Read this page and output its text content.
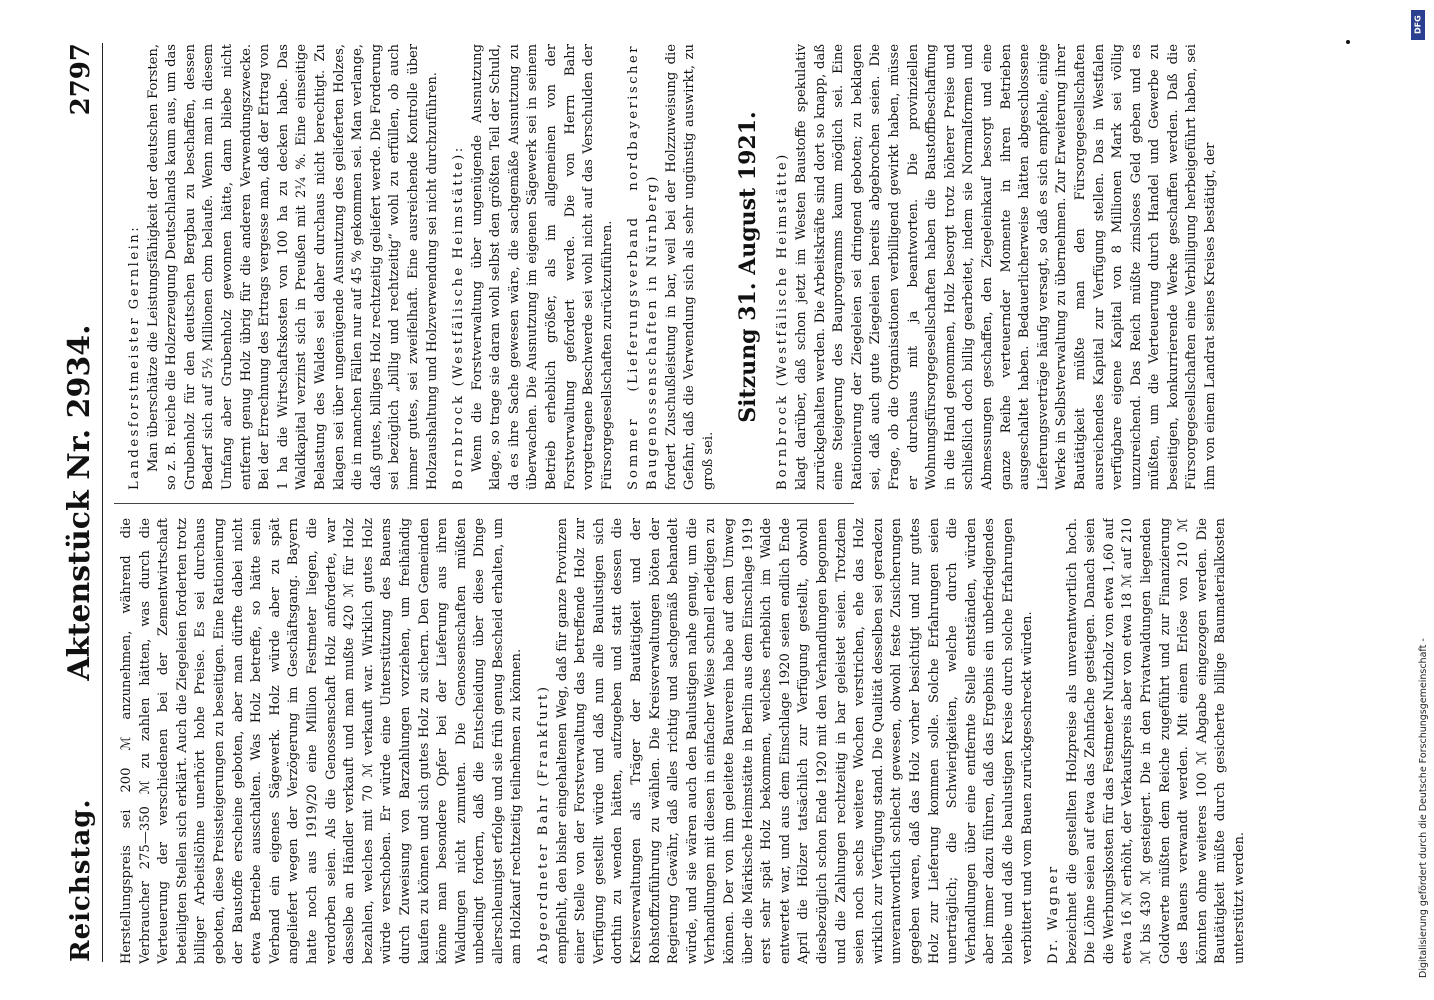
Reichstag.
Aktenstück Nr. 2934.
2797

Herstellungspreis sei 200 ℳ anzunehmen, während die Verbraucher 275—350 ℳ zu zahlen hätten, was durch die Verteuerung der verschiedenen bei der Zementwirtschaft beteiligten Stellen sich erklärt. Auch die Ziegeleien forderten trotz billiger Arbeitslöhne unerhört hohe Preise. Es sei durchaus geboten, diese Preissteigerungen zu beseitigen. Eine Rationierung der Baustoffe erscheine geboten, aber man dürfte dabei nicht etwa Betriebe ausschalten. Was Holz betreffe, so hätte sein Verband ein eigenes Sägewerk. Holz würde aber zu spät angeliefert wegen der Verzögerung im Geschäftsgang. Bayern hatte noch aus 1919/20 eine Million Festmeter liegen, die verdorben seien. Als die Genossenschaft Holz anforderte, war dasselbe an Händler verkauft und man mußte 420 ℳ für Holz bezahlen, welches mit 70 ℳ verkauft war. Wirklich gutes Holz würde verschoben. Er würde eine Unterstützung des Bauens durch Zuweisung von Barzahlungen vorziehen, um freihändig kaufen zu können und sich gutes Holz zu sichern. Den Gemeinden könne man besondere Opfer bei der Lieferung aus ihren Waldungen nicht zumuten. Die Genossenschaften müßten unbedingt fordern, daß die Entscheidung über diese Dinge allerschleunigst erfolge und sie früh genug Bescheid erhalten, um am Holzkauf rechtzeitig teilnehmen zu können. Abgeordneter Bahr (Frankfurt) empfiehlt, den bisher eingehaltenen Weg, daß für ganze Provinzen einer Stelle von der Forstverwaltung das betreffende Holz zur Verfügung gestellt würde und daß nun alle Baulustigen sich dorthin zu wenden hätten, aufzugeben und statt dessen die Kreisverwaltungen als Träger der Bautätigkeit und der Rohstoffzuführung zu wählen. Die Kreisverwaltungen böten der Regierung Gewähr, daß alles richtig und sachgemäß behandelt würde, und sie wären auch den Baulustigen nahe genug, um die Verhandlungen mit diesen in einfacher Weise schnell erledigen zu können. Der von ihm geleitete Bauverein habe auf dem Umweg über die Märkische Heimstätte in Berlin aus dem Einschlage 1919 erst sehr spät Holz bekommen, welches erheblich im Walde entwertet war, und aus dem Einschlage 1920 seien endlich Ende April die Hölzer tatsächlich zur Verfügung gestellt, obwohl diesbezüglich schon Ende 1920 mit den Verhandlungen begonnen und die Zahlungen rechtzeitig in bar geleistet seien. Trotzdem seien noch sechs weitere Wochen verstrichen, ehe das Holz wirklich zur Verfügung stand. Die Qualität desselben sei geradezu unverantwortlich schlecht gewesen, obwohl feste Zusicherungen gegeben waren, daß das Holz vorher besichtigt und nur gutes Holz zur Lieferung kommen solle. Solche Erfahrungen seien unerträglich; die Schwierigkeiten, welche durch die Verhandlungen über eine entfernte Stelle entständen, würden aber immer dazu führen, daß das Ergebnis ein unbefriedigendes bleibe und daß die baulustigen Kreise durch solche Erfahrungen verbittert und vom Bauen zurückgeschreckt würden. Dr. Wagner bezeichnet die gestellten Holzpreise als unverantwortlich hoch. Die Löhne seien auf etwa das Zehnfache gestiegen. Danach seien die Werbungskosten für das Festmeter Nutzholz von etwa 1,60 auf etwa 16 ℳ erhöht, der Verkaufspreis aber von etwa 18 ℳ auf 210 ℳ bis 430 ℳ gesteigert. Die in den Privatwaldungen liegenden Goldwerte müßten dem Reiche zugeführt und zur Finanzierung des Bauens verwandt werden. Mit einem Erlöse von 210 ℳ könnten ohne weiteres 100 ℳ Abgabe eingezogen werden. Die Bautätigkeit müßte durch gesicherte billige Baumaterialkosten unterstützt werden.

Landesforstmeister Gernlein: Man überschätze die Leistungsfähigkeit der deutschen Forsten, so z. B. reiche die Holzerzeugung Deutschlands kaum aus, um das Grubenholz für den deutschen Bergbau zu beschaffen, dessen Bedarf sich auf 5½ Millionen cbm belaufe. Wenn man in diesem Umfang aber Grubenholz gewonnen hätte, dann bliebe nicht entfernt genug Holz übrig für die anderen Verwendungszwecke. Bei der Errechnung des Ertrags vergesse man, daß der Ertrag von 1 ha die Wirtschaftskosten von 100 ha zu decken habe. Das Waldkapital verzinst sich in Preußen mit 2¼ %. Eine einseitige Belastung des Waldes sei daher durchaus nicht berechtigt. Zu klagen sei über ungenügende Ausnutzung des gelieferten Holzes, die in manchen Fällen nur auf 45 % gekommen sei. Man verlange, daß gutes, billiges Holz rechtzeitig geliefert werde. Die Forderung sei bezüglich „billig und rechtzeitig“ wohl zu erfüllen, ob auch immer gutes, sei zweifelhaft. Eine ausreichende Kontrolle über Holzaushaltung und Holzverwendung sei nicht durchzuführen. Bornbrock (Westfälische Heimstätte): Wenn die Forstverwaltung über ungenügende Ausnutzung klage, so trage sie daran wohl selbst den größten Teil der Schuld, da es ihre Sache gewesen wäre, die sachgemäße Ausnutzung zu überwachen. Die Ausnutzung im eigenen Sägewerk sei in seinem Betrieb erheblich größer, als im allgemeinen von der Forstverwaltung gefordert werde. Die von Herrn Bahr vorgetragene Beschwerde sei wohl nicht auf das Verschulden der Fürsorgegesellschaften zurückzuführen. Sommer (Lieferungsverband nordbayerischer Baugenossenschaften in Nürnberg) fordert Zuschußleistung in bar, weil bei der Holzzuweisung die Gefahr, daß die Verwendung sich als sehr ungünstig auswirkt, zu groß sei.

Sitzung 31. August 1921.

Bornbrock (Westfälische Heimstätte) klagt darüber, daß schon jetzt im Westen Baustoffe spekulativ zurückgehalten werden. Die Arbeitskräfte sind dort so knapp, daß eine Steigerung des Bauprogramms kaum möglich sei. Eine Rationierung der Ziegeleien sei dringend geboten; zu beklagen sei, daß auch gute Ziegeleien bereits abgebrochen seien. Die Frage, ob die Organisationen verbilligend gewirkt haben, müsse er durchaus mit ja beantworten. Die provinziellen Wohnungsfürsorgegesellschaften haben die Baustoffbeschaffung in die Hand genommen, Holz besorgt trotz höherer Preise und schließlich doch billig gearbeitet, indem sie Normalformen und Abmessungen geschaffen, den Ziegeleinkauf besorgt und eine ganze Reihe verteuernder Momente in ihren Betrieben ausgeschaltet haben. Bedauerlicherweise hätten abgeschlossene Lieferungsverträge häufig versagt, so daß es sich empfehle, einige Werke in Selbstverwaltung zu übernehmen. Zur Erweiterung ihrer Bautätigkeit müßte man den Fürsorgegesellschaften ausreichendes Kapital zur Verfügung stellen. Das in Westfalen verfügbare eigene Kapital von 8 Millionen Mark sei völlig unzureichend. Das Reich müßte zinsloses Geld geben und es müßten, um die Verteuerung durch Handel und Gewerbe zu beseitigen, konkurrierende Werke geschaffen werden. Daß die Fürsorgegesellschaften eine Verbilligung herbeigeführt haben, sei ihm von einem Landrat seines Kreises bestätigt, der

Digitalisierung gefördert durch die Deutsche Forschungsgemeinschaft -
DFG
